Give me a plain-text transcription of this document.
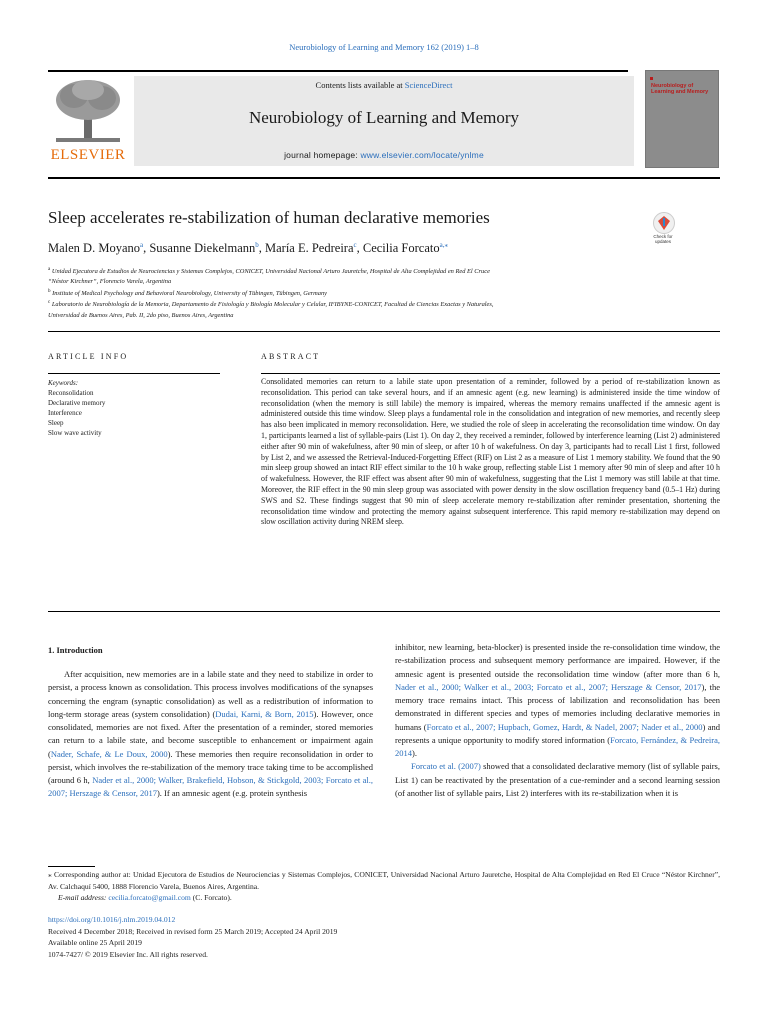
Neurobiology of Learning and Memory 162 (2019) 1–8
ELSEVIER
Contents lists available at ScienceDirect
Neurobiology of Learning and Memory
journal homepage: www.elsevier.com/locate/ynlme
Neurobiology of Learning and Memory
Sleep accelerates re-stabilization of human declarative memories
Check for updates
Malen D. Moyano$^a$, Susanne Diekelmann$^b$, María E. Pedreira$^c$, Cecilia Forcato$^{a,⁎}$
$^a$ Unidad Ejecutora de Estudios de Neurociencias y Sistemas Complejos, CONICET, Universidad Nacional Arturo Jauretche, Hospital de Alta Complejidad en Red El Cruce
“Néstor Kirchner”, Florencio Varela, Argentina
$^b$ Institute of Medical Psychology and Behavioral Neurobiology, University of Tübingen, Tübingen, Germany
$^c$ Laboratorio de Neurobiología de la Memoria, Departamento de Fisiología y Biología Molecular y Celular, IFIBYNE-CONICET, Facultad de Ciencias Exactas y Naturales,
Universidad de Buenos Aires, Pab. II, 2do piso, Buenos Aires, Argentina
ARTICLE INFO	ABSTRACT
Keywords:
Reconsolidation
Declarative memory
Interference
Sleep
Slow wave activity
Consolidated memories can return to a labile state upon presentation of a reminder, followed by a period of re-stabilization known as reconsolidation. This period can take several hours, and if an amnesic agent (e.g. new learning) is administered inside the time window of reconsolidation (when the memory is still labile) the memory is impaired, whereas the memory remains unaffected if the amnesic agent is administered outside this time window. Sleep plays a fundamental role in the consolidation and integration of new memories, and recently sleep has also been implicated in memory reconsolidation. Here, we studied the role of sleep in accelerating the reconsolidation time window. On day 1, participants learned a list of syllable-pairs (List 1). On day 2, they received a reminder, followed by interference learning (List 2) administered either after 90 min of wakefulness, after 90 min of sleep, or after 10 h of wakefulness. On day 3, participants had to recall List 1 first, followed by List 2, and we assessed the Retrieval-Induced-Forgetting Effect (RIF) on List 2 as a measure of List 1 memory stability. We found that the 90 min sleep group showed an intact RIF effect similar to the 10 h wake group, reflecting stable List 1 memory after 90 min of sleep and after 10 h of wakefulness. However, the RIF effect was absent after 90 min of wakefulness, suggesting that the List 1 memory was still labile at that time. Moreover, the RIF effect in the 90 min sleep group was associated with power density in the slow oscillation frequency band (0.5–1 Hz) during SWS and S2. These findings suggest that 90 min of sleep accelerate memory re-stabilization after reminder presentation, shortening the reconsolidation time window and protecting the memory against subsequent interference. This rapid memory re-stabilization may depend on slow oscillation activity during NREM sleep.
1. Introduction

After acquisition, new memories are in a labile state and they need to stabilize in order to persist, a process known as consolidation. This process involves modifications of the synapses concerning the engram (synaptic consolidation) as well as a redistribution of information to long-term storage areas (system consolidation) (Dudai, Karni, & Born, 2015). However, once consolidated, memories are not fixed. After the presentation of a reminder, stored memories can return to a labile state, and become susceptible to enhancement or impairment again (Nader, Schafe, & Le Doux, 2000). These memories then require reconsolidation in order to persist, which involves the re-stabilization of the memory trace taking time to be accomplished (around 6 h, Nader et al., 2000; Walker, Brakefield, Hobson, & Stickgold, 2003; Forcato et al., 2007; Herszage & Censor, 2017). If an amnesic agent (e.g. protein synthesis

inhibitor, new learning, beta-blocker) is presented inside the re-consolidation time window, the re-stabilization process and subsequent memory performance are impaired. However, if the amnesic agent is presented outside the reconsolidation time window (after more than 6 h, Nader et al., 2000; Walker et al., 2003; Forcato et al., 2007; Herszage & Censor, 2017), the memory trace remains intact. This process of labilization and reconsolidation has been demonstrated in different species and types of memories including declarative memories in humans (Forcato et al., 2007; Hupbach, Gomez, Hardt, & Nadel, 2007; Nader et al., 2000) and represents a unique opportunity to modify stored information (Forcato, Fernández, & Pedreira, 2014).

Forcato et al. (2007) showed that a consolidated declarative memory (list of syllable pairs, List 1) can be reactivated by the presentation of a cue-reminder and a second learning session (of another list of syllable pairs, List 2) interferes with its re-stabilization when it is

⁎ Corresponding author at: Unidad Ejecutora de Estudios de Neurociencias y Sistemas Complejos, CONICET, Universidad Nacional Arturo Jauretche, Hospital de Alta Complejidad en Red El Cruce “Néstor Kirchner”, Av. Calchaquí 5400, 1888 Florencio Varela, Buenos Aires, Argentina.
E-mail address: cecilia.forcato@gmail.com (C. Forcato).
https://doi.org/10.1016/j.nlm.2019.04.012
Received 4 December 2018; Received in revised form 25 March 2019; Accepted 24 April 2019
Available online 25 April 2019
1074-7427/ © 2019 Elsevier Inc. All rights reserved.
